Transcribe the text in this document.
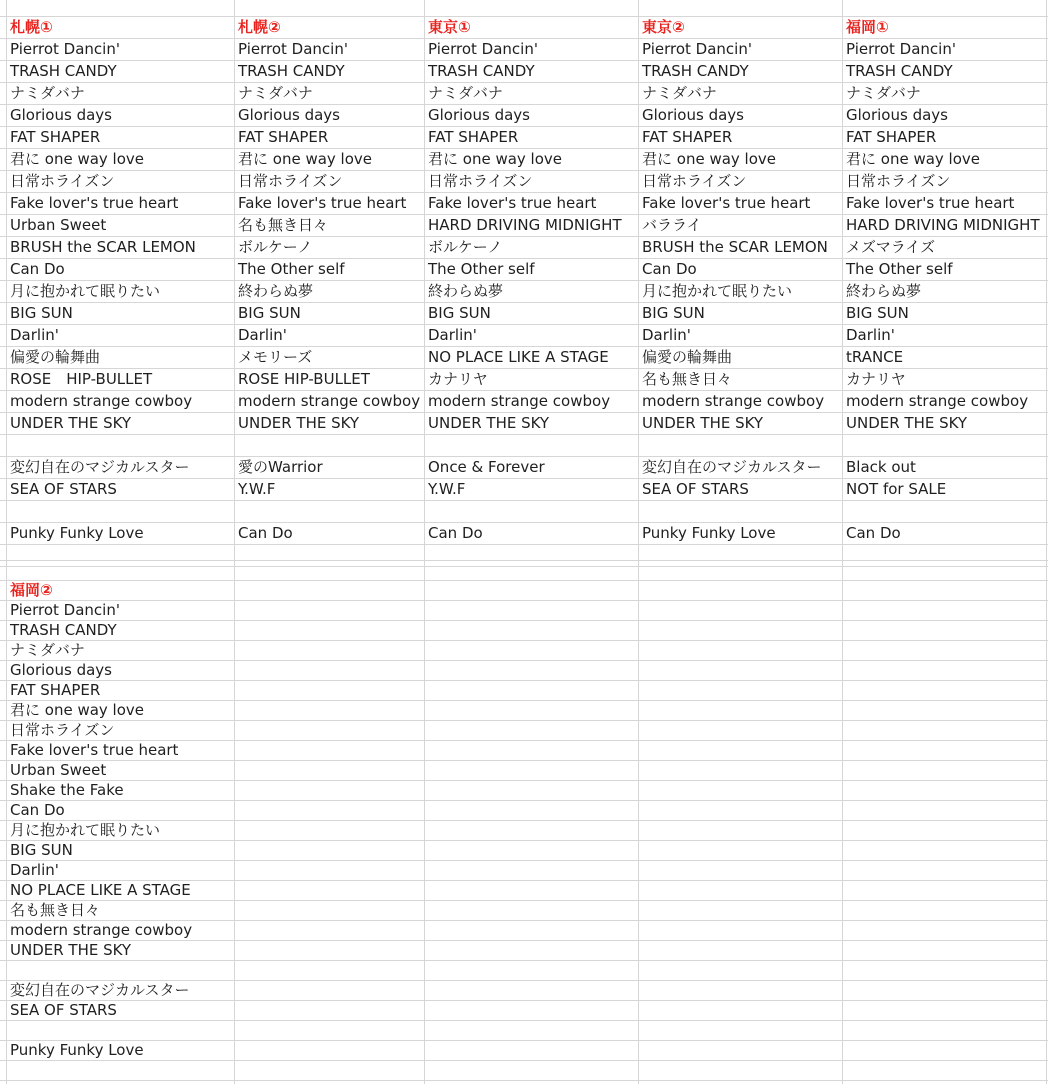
札幌①
Pierrot Dancin'
TRASH CANDY
ナミダバナ
Glorious days
FAT SHAPER
君に one way love
日常ホライズン
Fake lover's true heart
Urban Sweet
BRUSH the SCAR LEMON
Can Do
月に抱かれて眠りたい
BIG SUN
Darlin'
偏愛の輪舞曲
ROSE　HIP-BULLET
modern strange cowboy
UNDER THE SKY
変幻自在のマジカルスター
SEA OF STARS
Punky Funky Love
札幌②
Pierrot Dancin'
TRASH CANDY
ナミダバナ
Glorious days
FAT SHAPER
君に one way love
日常ホライズン
Fake lover's true heart
名も無き日々
ボルケーノ
The Other self
終わらぬ夢
BIG SUN
Darlin'
メモリーズ
ROSE HIP-BULLET
modern strange cowboy
UNDER THE SKY
愛のWarrior
Y.W.F
Can Do
東京①
Pierrot Dancin'
TRASH CANDY
ナミダバナ
Glorious days
FAT SHAPER
君に one way love
日常ホライズン
Fake lover's true heart
HARD DRIVING MIDNIGHT
ボルケーノ
The Other self
終わらぬ夢
BIG SUN
Darlin'
NO PLACE LIKE A STAGE
カナリヤ
modern strange cowboy
UNDER THE SKY
Once & Forever
Y.W.F
Can Do
東京②
Pierrot Dancin'
TRASH CANDY
ナミダバナ
Glorious days
FAT SHAPER
君に one way love
日常ホライズン
Fake lover's true heart
バラライ
BRUSH the SCAR LEMON
Can Do
月に抱かれて眠りたい
BIG SUN
Darlin'
偏愛の輪舞曲
名も無き日々
modern strange cowboy
UNDER THE SKY
変幻自在のマジカルスター
SEA OF STARS
Punky Funky Love
福岡①
Pierrot Dancin'
TRASH CANDY
ナミダバナ
Glorious days
FAT SHAPER
君に one way love
日常ホライズン
Fake lover's true heart
HARD DRIVING MIDNIGHT
メズマライズ
The Other self
終わらぬ夢
BIG SUN
Darlin'
tRANCE
カナリヤ
modern strange cowboy
UNDER THE SKY
Black out
NOT for SALE
Can Do
福岡②
Pierrot Dancin'
TRASH CANDY
ナミダバナ
Glorious days
FAT SHAPER
君に one way love
日常ホライズン
Fake lover's true heart
Urban Sweet
Shake the Fake
Can Do
月に抱かれて眠りたい
BIG SUN
Darlin'
NO PLACE LIKE A STAGE
名も無き日々
modern strange cowboy
UNDER THE SKY
変幻自在のマジカルスター
SEA OF STARS
Punky Funky Love
